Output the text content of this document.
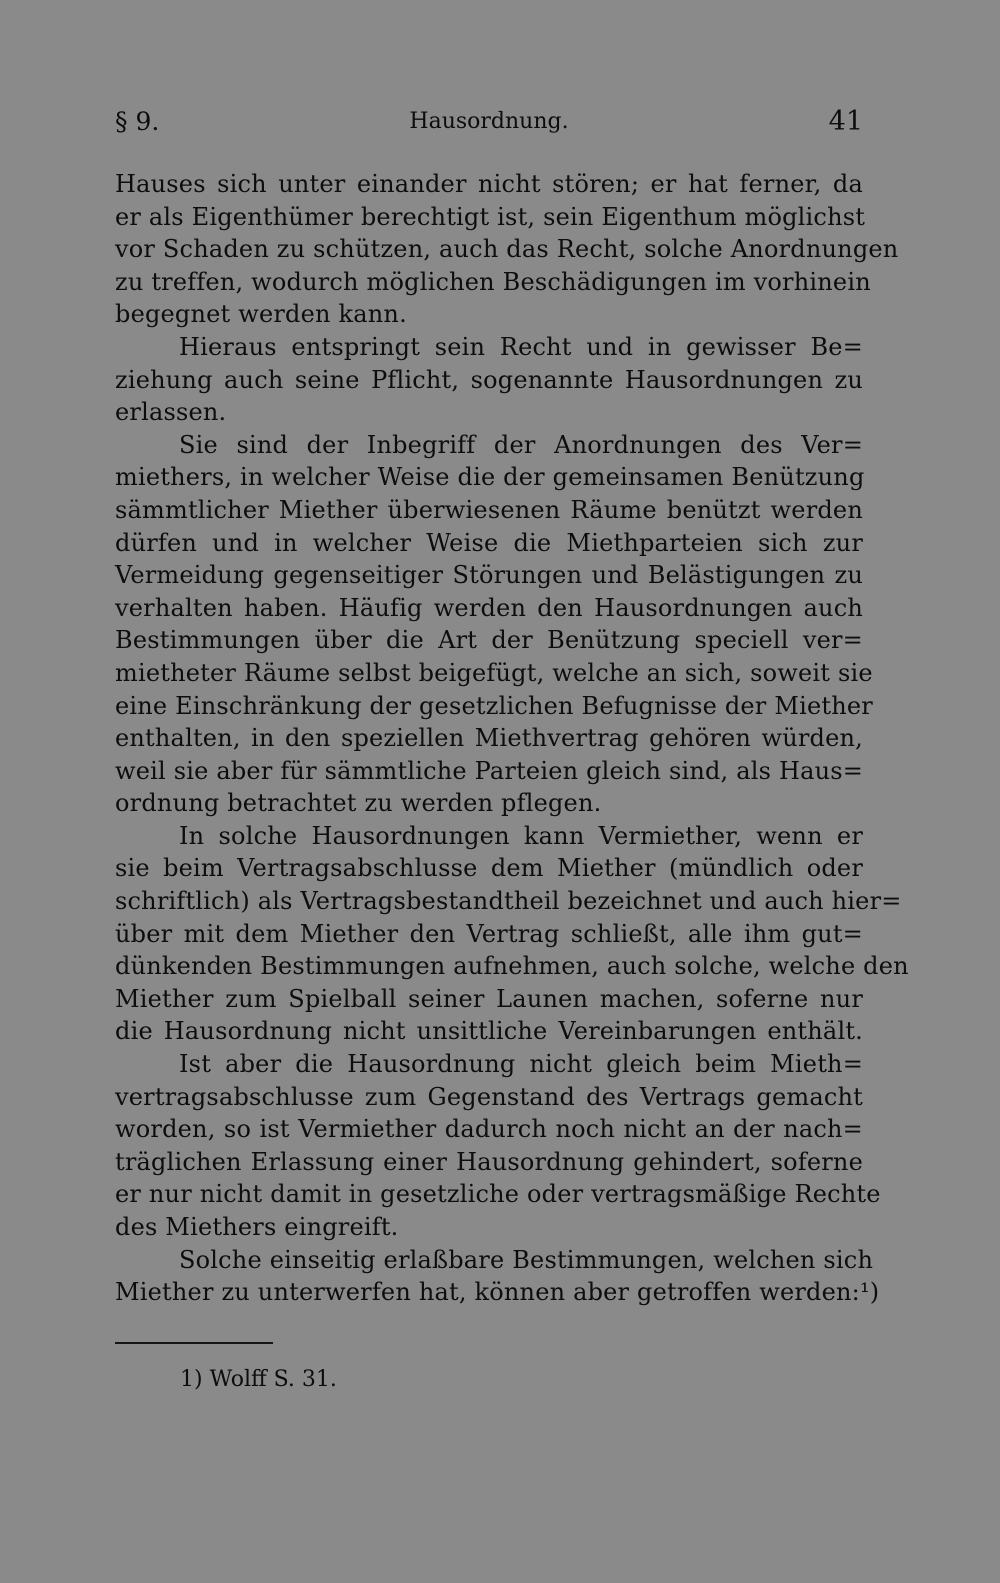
§ 9.	Hausordnung.	41
Hauses sich unter einander nicht stören; er hat ferner, da
er als Eigenthümer berechtigt ist, sein Eigenthum möglichst
vor Schaden zu schützen, auch das Recht, solche Anordnungen
zu treffen, wodurch möglichen Beschädigungen im vorhinein
begegnet werden kann.
Hieraus entspringt sein Recht und in gewisser Be=
ziehung auch seine Pflicht, sogenannte Hausordnungen zu
erlassen.
Sie sind der Inbegriff der Anordnungen des Ver=
miethers, in welcher Weise die der gemeinsamen Benützung
sämmtlicher Miether überwiesenen Räume benützt werden
dürfen und in welcher Weise die Miethparteien sich zur
Vermeidung gegenseitiger Störungen und Belästigungen zu
verhalten haben. Häufig werden den Hausordnungen auch
Bestimmungen über die Art der Benützung speciell ver=
mietheter Räume selbst beigefügt, welche an sich, soweit sie
eine Einschränkung der gesetzlichen Befugnisse der Miether
enthalten, in den speziellen Miethvertrag gehören würden,
weil sie aber für sämmtliche Parteien gleich sind, als Haus=
ordnung betrachtet zu werden pflegen.
In solche Hausordnungen kann Vermiether, wenn er
sie beim Vertragsabschlusse dem Miether (mündlich oder
schriftlich) als Vertragsbestandtheil bezeichnet und auch hier=
über mit dem Miether den Vertrag schließt, alle ihm gut=
dünkenden Bestimmungen aufnehmen, auch solche, welche den
Miether zum Spielball seiner Launen machen, soferne nur
die Hausordnung nicht unsittliche Vereinbarungen enthält.
Ist aber die Hausordnung nicht gleich beim Mieth=
vertragsabschlusse zum Gegenstand des Vertrags gemacht
worden, so ist Vermiether dadurch noch nicht an der nach=
träglichen Erlassung einer Hausordnung gehindert, soferne
er nur nicht damit in gesetzliche oder vertragsmäßige Rechte
des Miethers eingreift.
Solche einseitig erlaßbare Bestimmungen, welchen sich
Miether zu unterwerfen hat, können aber getroffen werden:¹)
1) Wolff S. 31.
